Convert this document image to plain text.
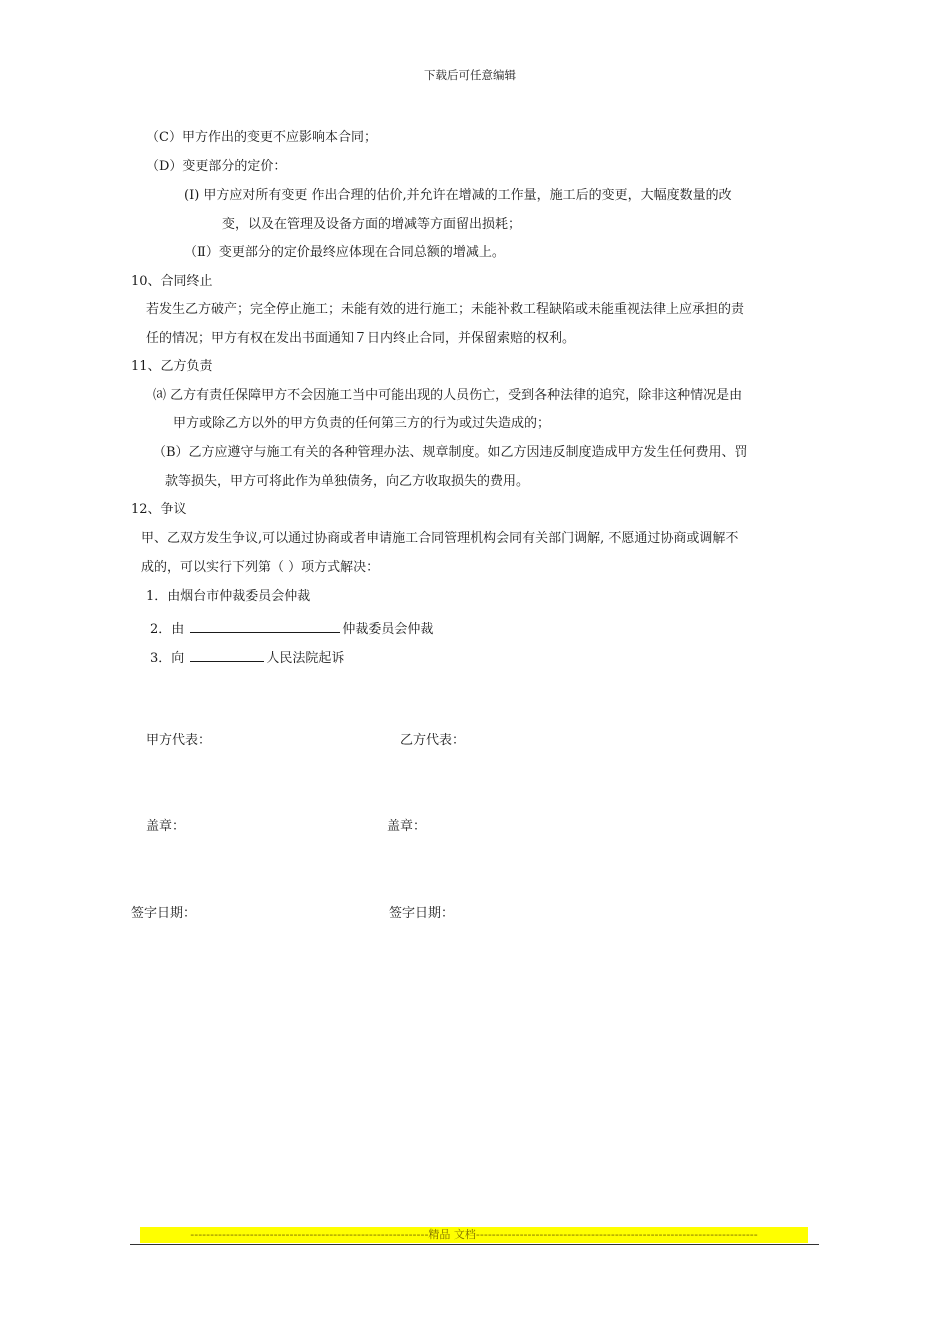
下载后可任意编辑
（C）甲方作出的变更不应影响本合同；
（D）变更部分的定价：
(Ⅰ) 甲方应对所有变更 作出合理的估价,并允许在增减的工作量，施工后的变更，大幅度数量的改
变，以及在管理及设备方面的增减等方面留出损耗；
（Ⅱ）变更部分的定价最终应体现在合同总额的增减上。
10、合同终止
若发生乙方破产；完全停止施工；未能有效的进行施工；未能补救工程缺陷或未能重视法律上应承担的责
任的情况；甲方有权在发出书面通知７日内终止合同，并保留索赔的权利。
11、乙方负责
⒜ 乙方有责任保障甲方不会因施工当中可能出现的人员伤亡，受到各种法律的追究，除非这种情况是由
甲方或除乙方以外的甲方负责的任何第三方的行为或过失造成的；
（B）乙方应遵守与施工有关的各种管理办法、规章制度。如乙方因违反制度造成甲方发生任何费用、罚
款等损失，甲方可将此作为单独债务，向乙方收取损失的费用。
12、争议
甲、乙双方发生争议,可以通过协商或者申请施工合同管理机构会同有关部门调解, 不愿通过协商或调解不
成的，可以实行下列第（ ）项方式解决：
1．由烟台市仲裁委员会仲裁
2．由	仲裁委员会仲裁
3．向	人民法院起诉
甲方代表：	乙方代表：
盖章：	盖章：
签字日期：	签字日期：
------------------------------------------------------------精品 文档-----------------------------------------------------------------------
